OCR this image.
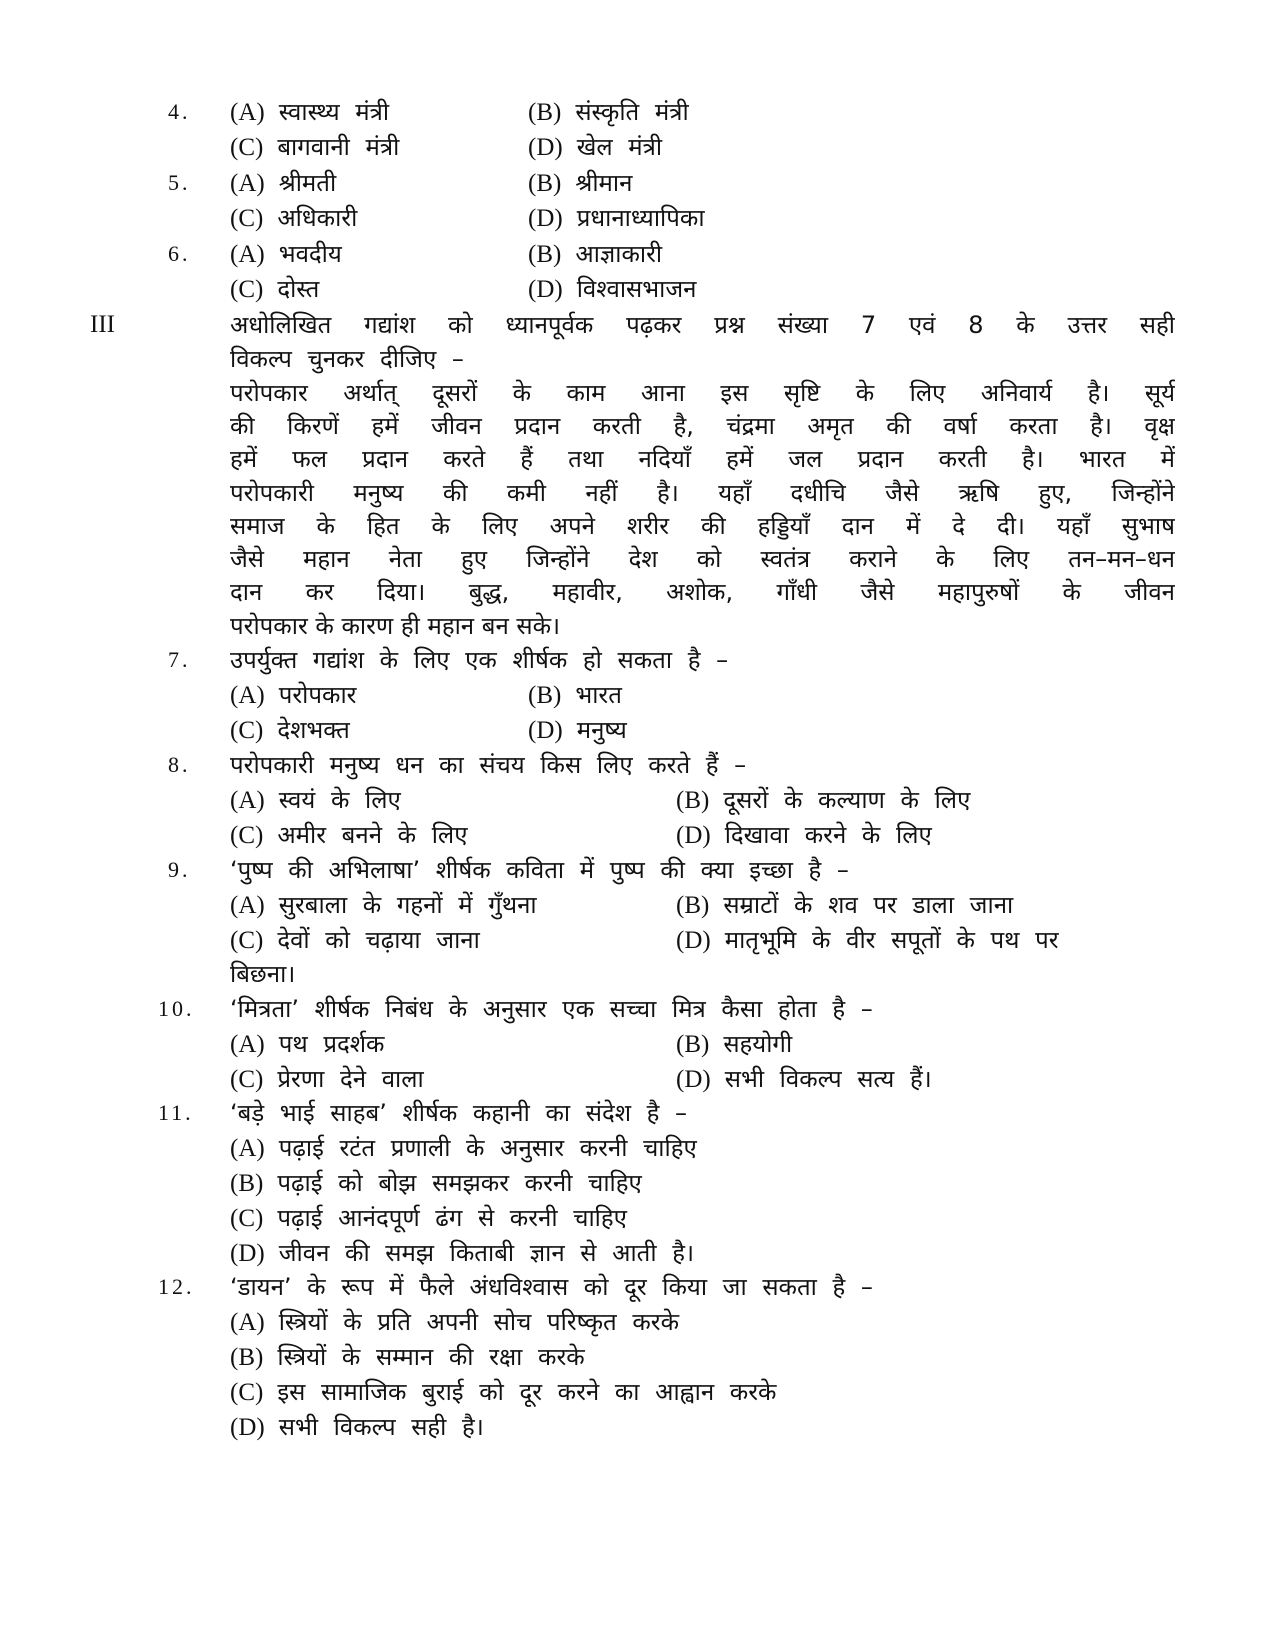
4.	(A) स्वास्थ्य मंत्री	(B) संस्कृति मंत्री
(C) बागवानी मंत्री	(D) खेल मंत्री
5.	(A) श्रीमती	(B) श्रीमान
(C) अधिकारी	(D) प्रधानाध्यापिका
6.	(A) भवदीय	(B) आज्ञाकारी
(C) दोस्त	(D) विश्वासभाजन
III	अधोलिखित गद्यांश को ध्यानपूर्वक पढ़कर प्रश्न संख्या 7 एवं 8 के उत्तर सही
विकल्प चुनकर दीजिए –
परोपकार अर्थात् दूसरों के काम आना इस सृष्टि के लिए अनिवार्य है। सूर्य
की किरणें हमें जीवन प्रदान करती है, चंद्रमा अमृत की वर्षा करता है। वृक्ष
हमें फल प्रदान करते हैं तथा नदियाँ हमें जल प्रदान करती है। भारत में
परोपकारी मनुष्य की कमी नहीं है। यहाँ दधीचि जैसे ऋषि हुए, जिन्होंने
समाज के हित के लिए अपने शरीर की हड्डियाँ दान में दे दी। यहाँ सुभाष
जैसे महान नेता हुए जिन्होंने देश को स्वतंत्र कराने के लिए तन–मन–धन
दान कर दिया। बुद्ध, महावीर, अशोक, गाँधी जैसे महापुरुषों के जीवन
परोपकार के कारण ही महान बन सके।
7.	उपर्युक्त गद्यांश के लिए एक शीर्षक हो सकता है –
(A) परोपकार	(B) भारत
(C) देशभक्त	(D) मनुष्य
8.	परोपकारी मनुष्य धन का संचय किस लिए करते हैं –
(A) स्वयं के लिए	(B) दूसरों के कल्याण के लिए
(C) अमीर बनने के लिए	(D) दिखावा करने के लिए
9.	‘पुष्प की अभिलाषा’ शीर्षक कविता में पुष्प की क्या इच्छा है –
(A) सुरबाला के गहनों में गुँथना	(B) सम्राटों के शव पर डाला जाना
(C) देवों को चढ़ाया जाना	(D) मातृभूमि के वीर सपूतों के पथ पर
बिछना।
10.	‘मित्रता’ शीर्षक निबंध के अनुसार एक सच्चा मित्र कैसा होता है –
(A) पथ प्रदर्शक	(B) सहयोगी
(C) प्रेरणा देने वाला	(D) सभी विकल्प सत्य हैं।
11.	‘बड़े भाई साहब’ शीर्षक कहानी का संदेश है –
(A) पढ़ाई रटंत प्रणाली के अनुसार करनी चाहिए
(B) पढ़ाई को बोझ समझकर करनी चाहिए
(C) पढ़ाई आनंदपूर्ण ढंग से करनी चाहिए
(D) जीवन की समझ किताबी ज्ञान से आती है।
12.	‘डायन’ के रूप में फैले अंधविश्वास को दूर किया जा सकता है –
(A) स्त्रियों के प्रति अपनी सोच परिष्कृत करके
(B) स्त्रियों के सम्मान की रक्षा करके
(C) इस सामाजिक बुराई को दूर करने का आह्वान करके
(D) सभी विकल्प सही है।
